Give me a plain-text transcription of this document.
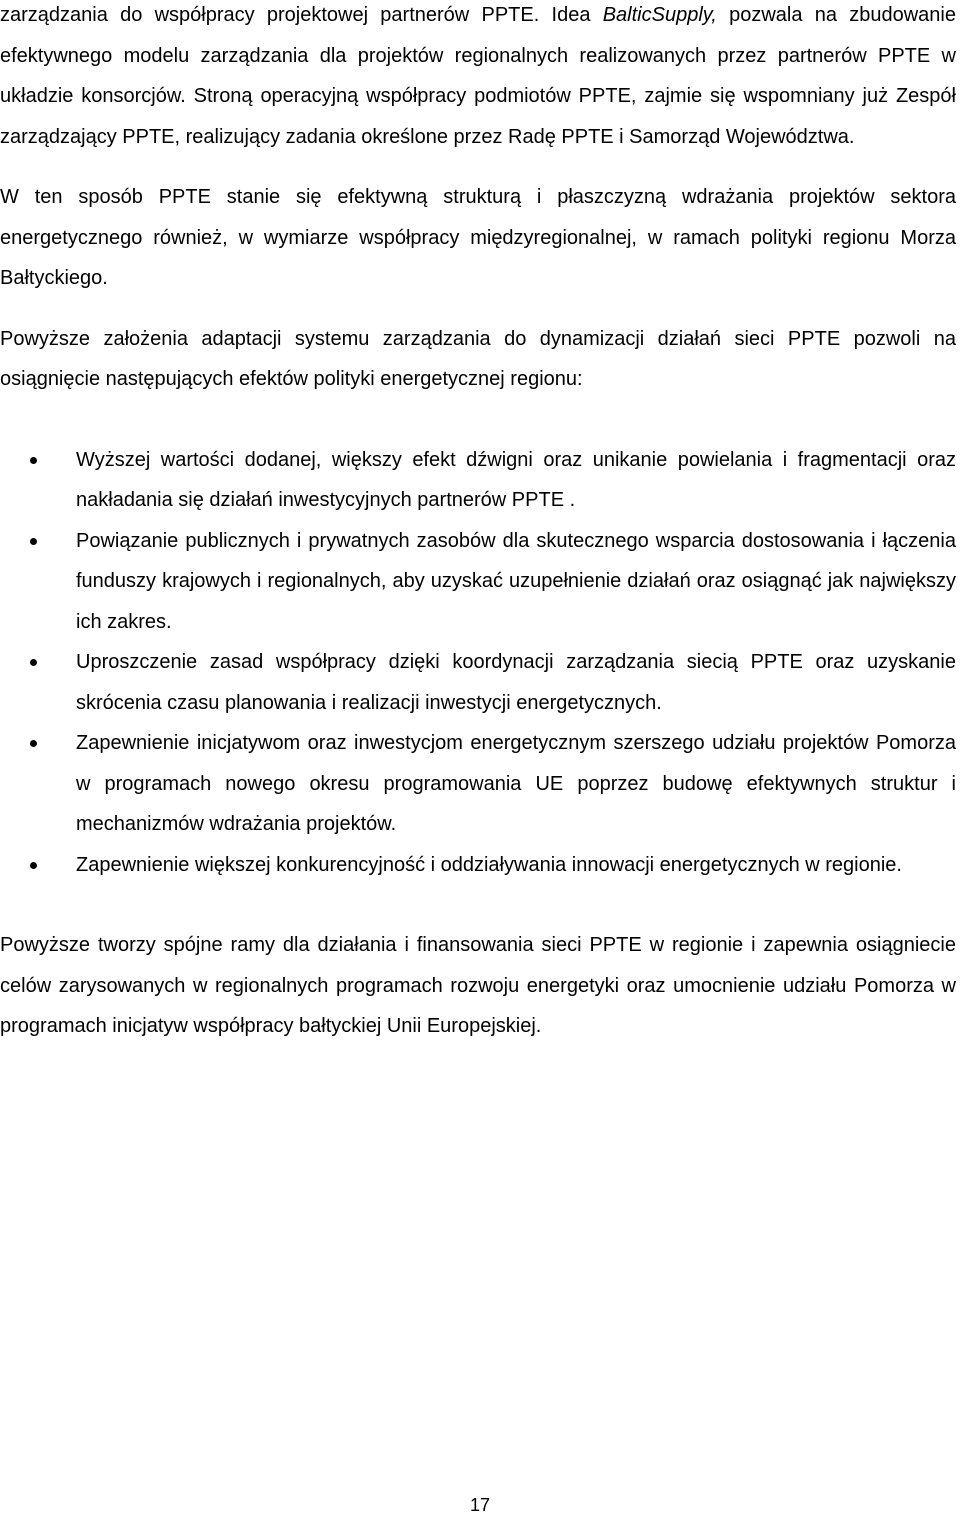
zarządzania do współpracy projektowej partnerów PPTE. Idea BalticSupply, pozwala na zbudowanie efektywnego modelu zarządzania dla projektów regionalnych realizowanych przez partnerów PPTE w układzie konsorcjów. Stroną operacyjną współpracy podmiotów PPTE, zajmie się wspomniany już Zespół zarządzający PPTE, realizujący zadania określone przez Radę PPTE i Samorząd Województwa.

W ten sposób PPTE stanie się efektywną strukturą i płaszczyzną wdrażania projektów sektora energetycznego również, w wymiarze współpracy międzyregionalnej, w ramach polityki regionu Morza Bałtyckiego.

Powyższe założenia adaptacji systemu zarządzania do dynamizacji działań sieci PPTE pozwoli na osiągnięcie następujących efektów polityki energetycznej regionu:

Wyższej wartości dodanej, większy efekt dźwigni oraz unikanie powielania i fragmentacji oraz nakładania się działań inwestycyjnych partnerów PPTE .
Powiązanie publicznych i prywatnych zasobów dla skutecznego wsparcia dostosowania i łączenia funduszy krajowych i regionalnych, aby uzyskać uzupełnienie działań oraz osiągnąć jak największy ich zakres.
Uproszczenie zasad współpracy dzięki koordynacji zarządzania siecią PPTE oraz uzyskanie skrócenia czasu planowania i realizacji inwestycji energetycznych.
Zapewnienie inicjatywom oraz inwestycjom energetycznym szerszego udziału projektów Pomorza w programach nowego okresu programowania UE poprzez budowę efektywnych struktur i mechanizmów wdrażania projektów.
Zapewnienie większej konkurencyjność i oddziaływania innowacji energetycznych w regionie.

Powyższe tworzy spójne ramy dla działania i finansowania sieci PPTE w regionie i zapewnia osiągniecie celów zarysowanych w regionalnych programach rozwoju energetyki oraz umocnienie udziału Pomorza w programach inicjatyw współpracy bałtyckiej Unii Europejskiej.

17
